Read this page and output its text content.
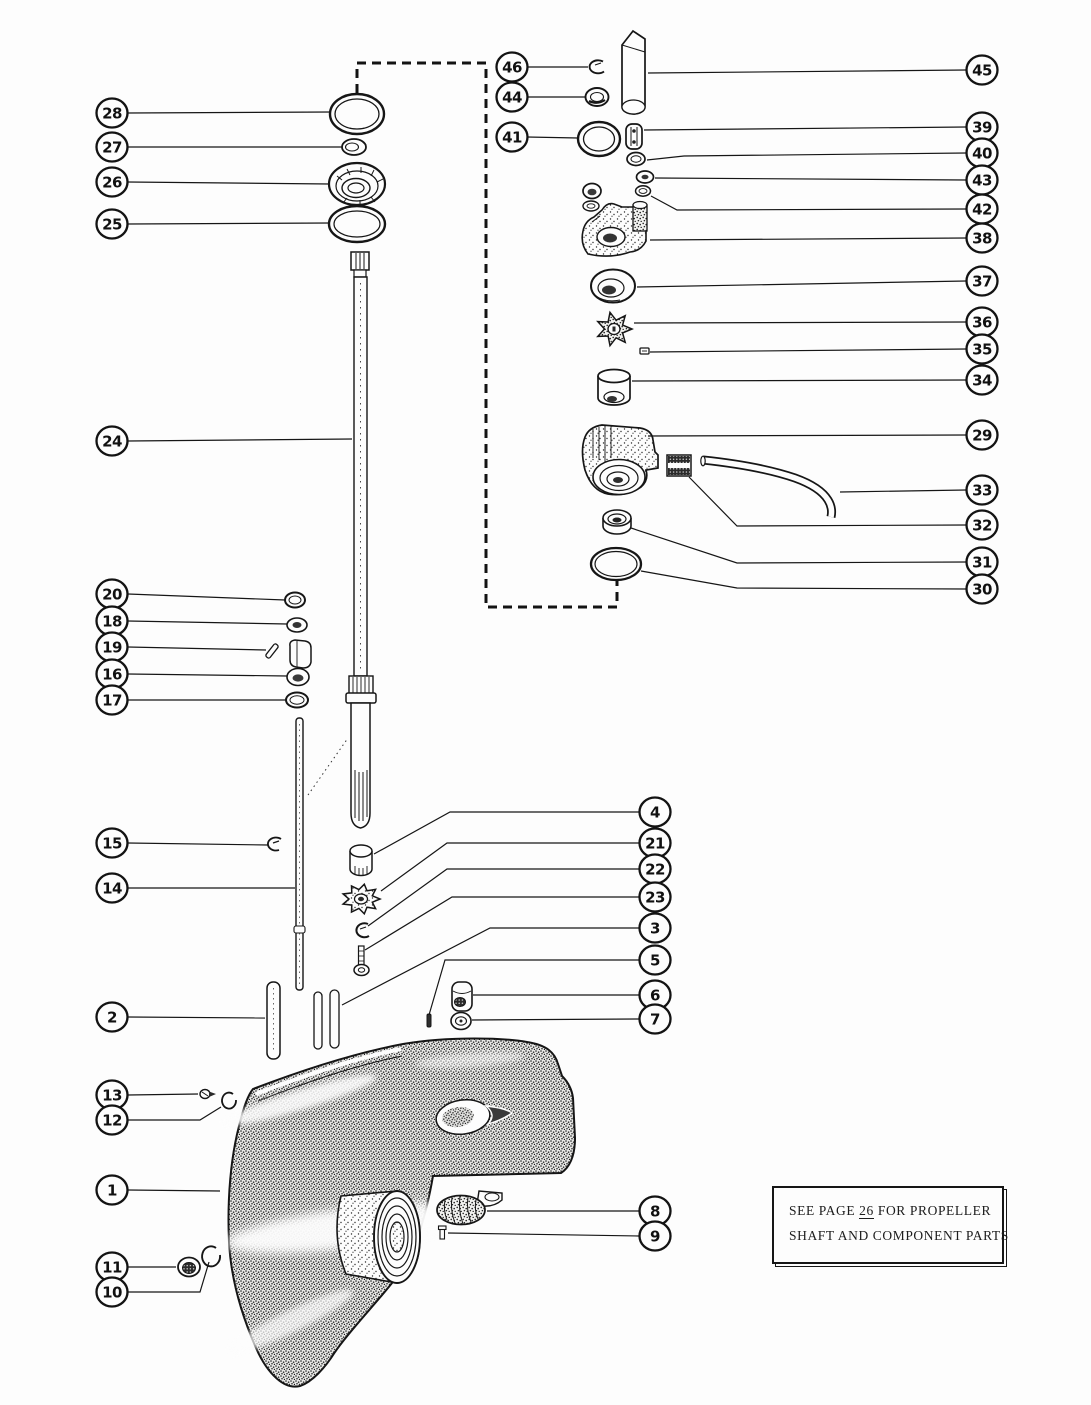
28
27
26
25
24
20
18
19
16
17
15
14
2
13
12
1
11
10
46
44
41
45
39
40
43
42
38
37
36
35
34
29
33
32
31
30
4
21
22
23
3
5
6
7
8
9
SEE PAGE 26 FOR PROPELLER
SHAFT AND COMPONENT PARTS
